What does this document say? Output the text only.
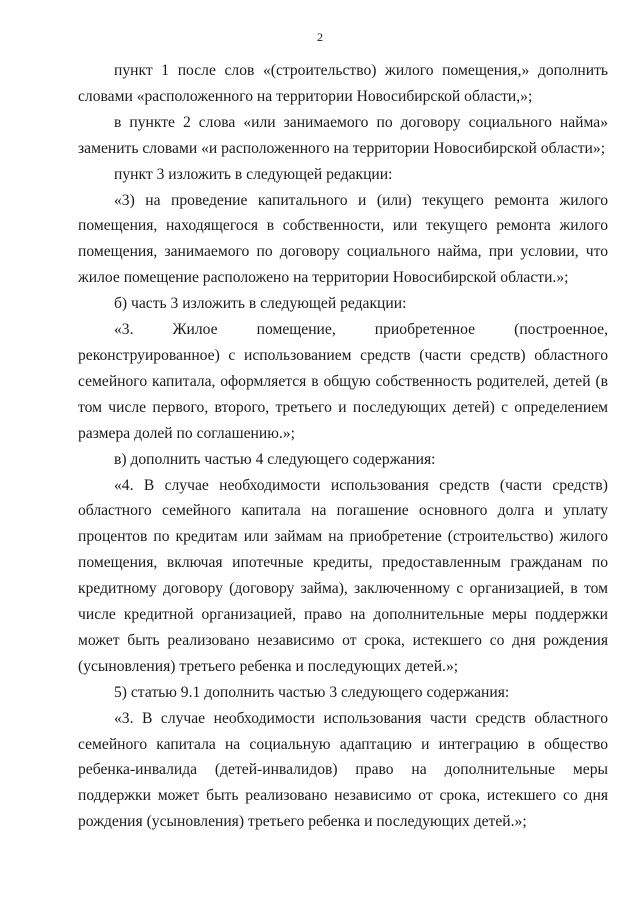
2

пункт 1 после слов «(строительство) жилого помещения,» дополнить словами «расположенного на территории Новосибирской области,»;

в пункте 2 слова «или занимаемого по договору социального найма» заменить словами «и расположенного на территории Новосибирской области»;

пункт 3 изложить в следующей редакции:

«3) на проведение капитального и (или) текущего ремонта жилого помещения, находящегося в собственности, или текущего ремонта жилого помещения, занимаемого по договору социального найма, при условии, что жилое помещение расположено на территории Новосибирской области.»;

б) часть 3 изложить в следующей редакции:

«3. Жилое помещение, приобретенное (построенное, реконструированное) с использованием средств (части средств) областного семейного капитала, оформляется в общую собственность родителей, детей (в том числе первого, второго, третьего и последующих детей) с определением размера долей по соглашению.»;

в) дополнить частью 4 следующего содержания:

«4. В случае необходимости использования средств (части средств) областного семейного капитала на погашение основного долга и уплату процентов по кредитам или займам на приобретение (строительство) жилого помещения, включая ипотечные кредиты, предоставленным гражданам по кредитному договору (договору займа), заключенному с организацией, в том числе кредитной организацией, право на дополнительные меры поддержки может быть реализовано независимо от срока, истекшего со дня рождения (усыновления) третьего ребенка и последующих детей.»;

5) статью 9.1 дополнить частью 3 следующего содержания:

«3. В случае необходимости использования части средств областного семейного капитала на социальную адаптацию и интеграцию в общество ребенка-инвалида (детей-инвалидов) право на дополнительные меры поддержки может быть реализовано независимо от срока, истекшего со дня рождения (усыновления) третьего ребенка и последующих детей.»;
